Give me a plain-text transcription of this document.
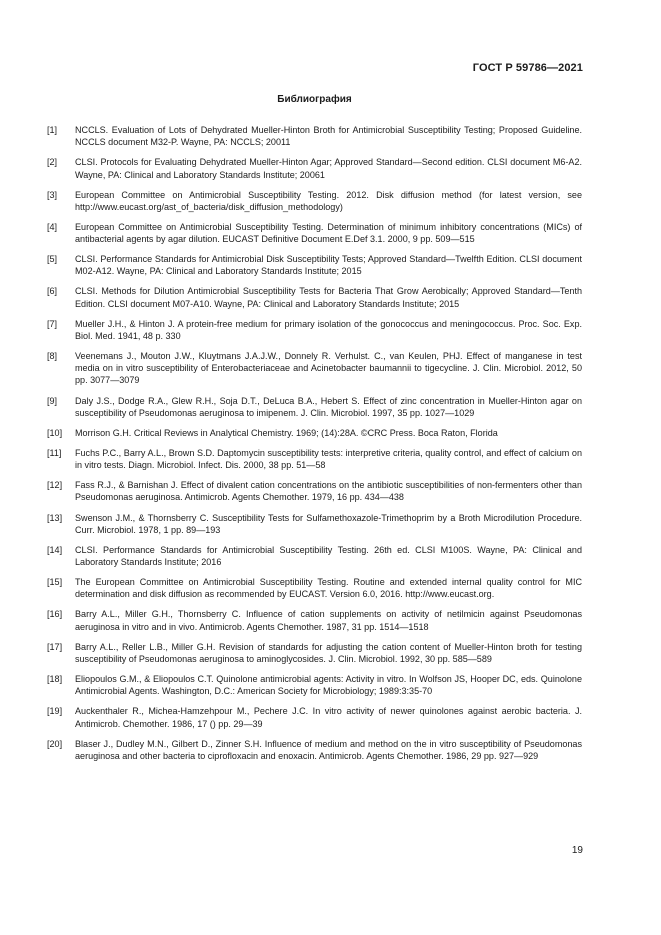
ГОСТ Р 59786—2021
Библиография
[1]	NCCLS. Evaluation of Lots of Dehydrated Mueller-Hinton Broth for Antimicrobial Susceptibility Testing; Proposed Guideline. NCCLS document M32-P. Wayne, PA: NCCLS; 20011
[2]	CLSI. Protocols for Evaluating Dehydrated Mueller-Hinton Agar; Approved Standard—Second edition. CLSI document M6-A2. Wayne, PA: Clinical and Laboratory Standards Institute; 20061
[3]	European Committee on Antimicrobial Susceptibility Testing. 2012. Disk diffusion method (for latest version, see http://www.eucast.org/ast_of_bacteria/disk_diffusion_methodology)
[4]	European Committee on Antimicrobial Susceptibility Testing. Determination of minimum inhibitory concentrations (MICs) of antibacterial agents by agar dilution. EUCAST Definitive Document E.Def 3.1. 2000, 9 pp. 509—515
[5]	CLSI. Performance Standards for Antimicrobial Disk Susceptibility Tests; Approved Standard—Twelfth Edition. CLSI document M02-A12. Wayne, PA: Clinical and Laboratory Standards Institute; 2015
[6]	CLSI. Methods for Dilution Antimicrobial Susceptibility Tests for Bacteria That Grow Aerobically; Approved Standard—Tenth Edition. CLSI document M07-A10. Wayne, PA: Clinical and Laboratory Standards Institute; 2015
[7]	Mueller J.H., & Hinton J. A protein-free medium for primary isolation of the gonococcus and meningococcus. Proc. Soc. Exp. Biol. Med. 1941, 48 p. 330
[8]	Veenemans J., Mouton J.W., Kluytmans J.A.J.W., Donnely R. Verhulst. C., van Keulen, PHJ. Effect of manganese in test media on in vitro susceptibility of Enterobacteriaceae and Acinetobacter baumannii to tigecycline. J. Clin. Microbiol. 2012, 50 pp. 3077—3079
[9]	Daly J.S., Dodge R.A., Glew R.H., Soja D.T., DeLuca B.A., Hebert S. Effect of zinc concentration in Mueller-Hinton agar on susceptibility of Pseudomonas aeruginosa to imipenem. J. Clin. Microbiol. 1997, 35 pp. 1027—1029
[10]	Morrison G.H. Critical Reviews in Analytical Chemistry. 1969; (14):28A. ©CRC Press. Boca Raton, Florida
[11]	Fuchs P.C., Barry A.L., Brown S.D. Daptomycin susceptibility tests: interpretive criteria, quality control, and effect of calcium on in vitro tests. Diagn. Microbiol. Infect. Dis. 2000, 38 pp. 51—58
[12]	Fass R.J., & Barnishan J. Effect of divalent cation concentrations on the antibiotic susceptibilities of non-fermenters other than Pseudomonas aeruginosa. Antimicrob. Agents Chemother. 1979, 16 pp. 434—438
[13]	Swenson J.M., & Thornsberry C. Susceptibility Tests for Sulfamethoxazole-Trimethoprim by a Broth Microdilution Procedure. Curr. Microbiol. 1978, 1 pp. 89—193
[14]	CLSI. Performance Standards for Antimicrobial Susceptibility Testing. 26th ed. CLSI M100S. Wayne, PA: Clinical and Laboratory Standards Institute; 2016
[15]	The European Committee on Antimicrobial Susceptibility Testing. Routine and extended internal quality control for MIC determination and disk diffusion as recommended by EUCAST. Version 6.0, 2016. http://www.eucast.org.
[16]	Barry A.L., Miller G.H., Thornsberry C. Influence of cation supplements on activity of netilmicin against Pseudomonas aeruginosa in vitro and in vivo. Antimicrob. Agents Chemother. 1987, 31 pp. 1514—1518
[17]	Barry A.L., Reller L.B., Miller G.H. Revision of standards for adjusting the cation content of Mueller-Hinton broth for testing susceptibility of Pseudomonas aeruginosa to aminoglycosides. J. Clin. Microbiol. 1992, 30 pp. 585—589
[18]	Eliopoulos G.M., & Eliopoulos C.T. Quinolone antimicrobial agents: Activity in vitro. In Wolfson JS, Hooper DC, eds. Quinolone Antimicrobial Agents. Washington, D.C.: American Society for Microbiology; 1989:3:35-70
[19]	Auckenthaler R., Michea-Hamzehpour M., Pechere J.C. In vitro activity of newer quinolones against aerobic bacteria. J. Antimicrob. Chemother. 1986, 17 () pp. 29—39
[20]	Blaser J., Dudley M.N., Gilbert D., Zinner S.H. Influence of medium and method on the in vitro susceptibility of Pseudomonas aeruginosa and other bacteria to ciprofloxacin and enoxacin. Antimicrob. Agents Chemother. 1986, 29 pp. 927—929
19
